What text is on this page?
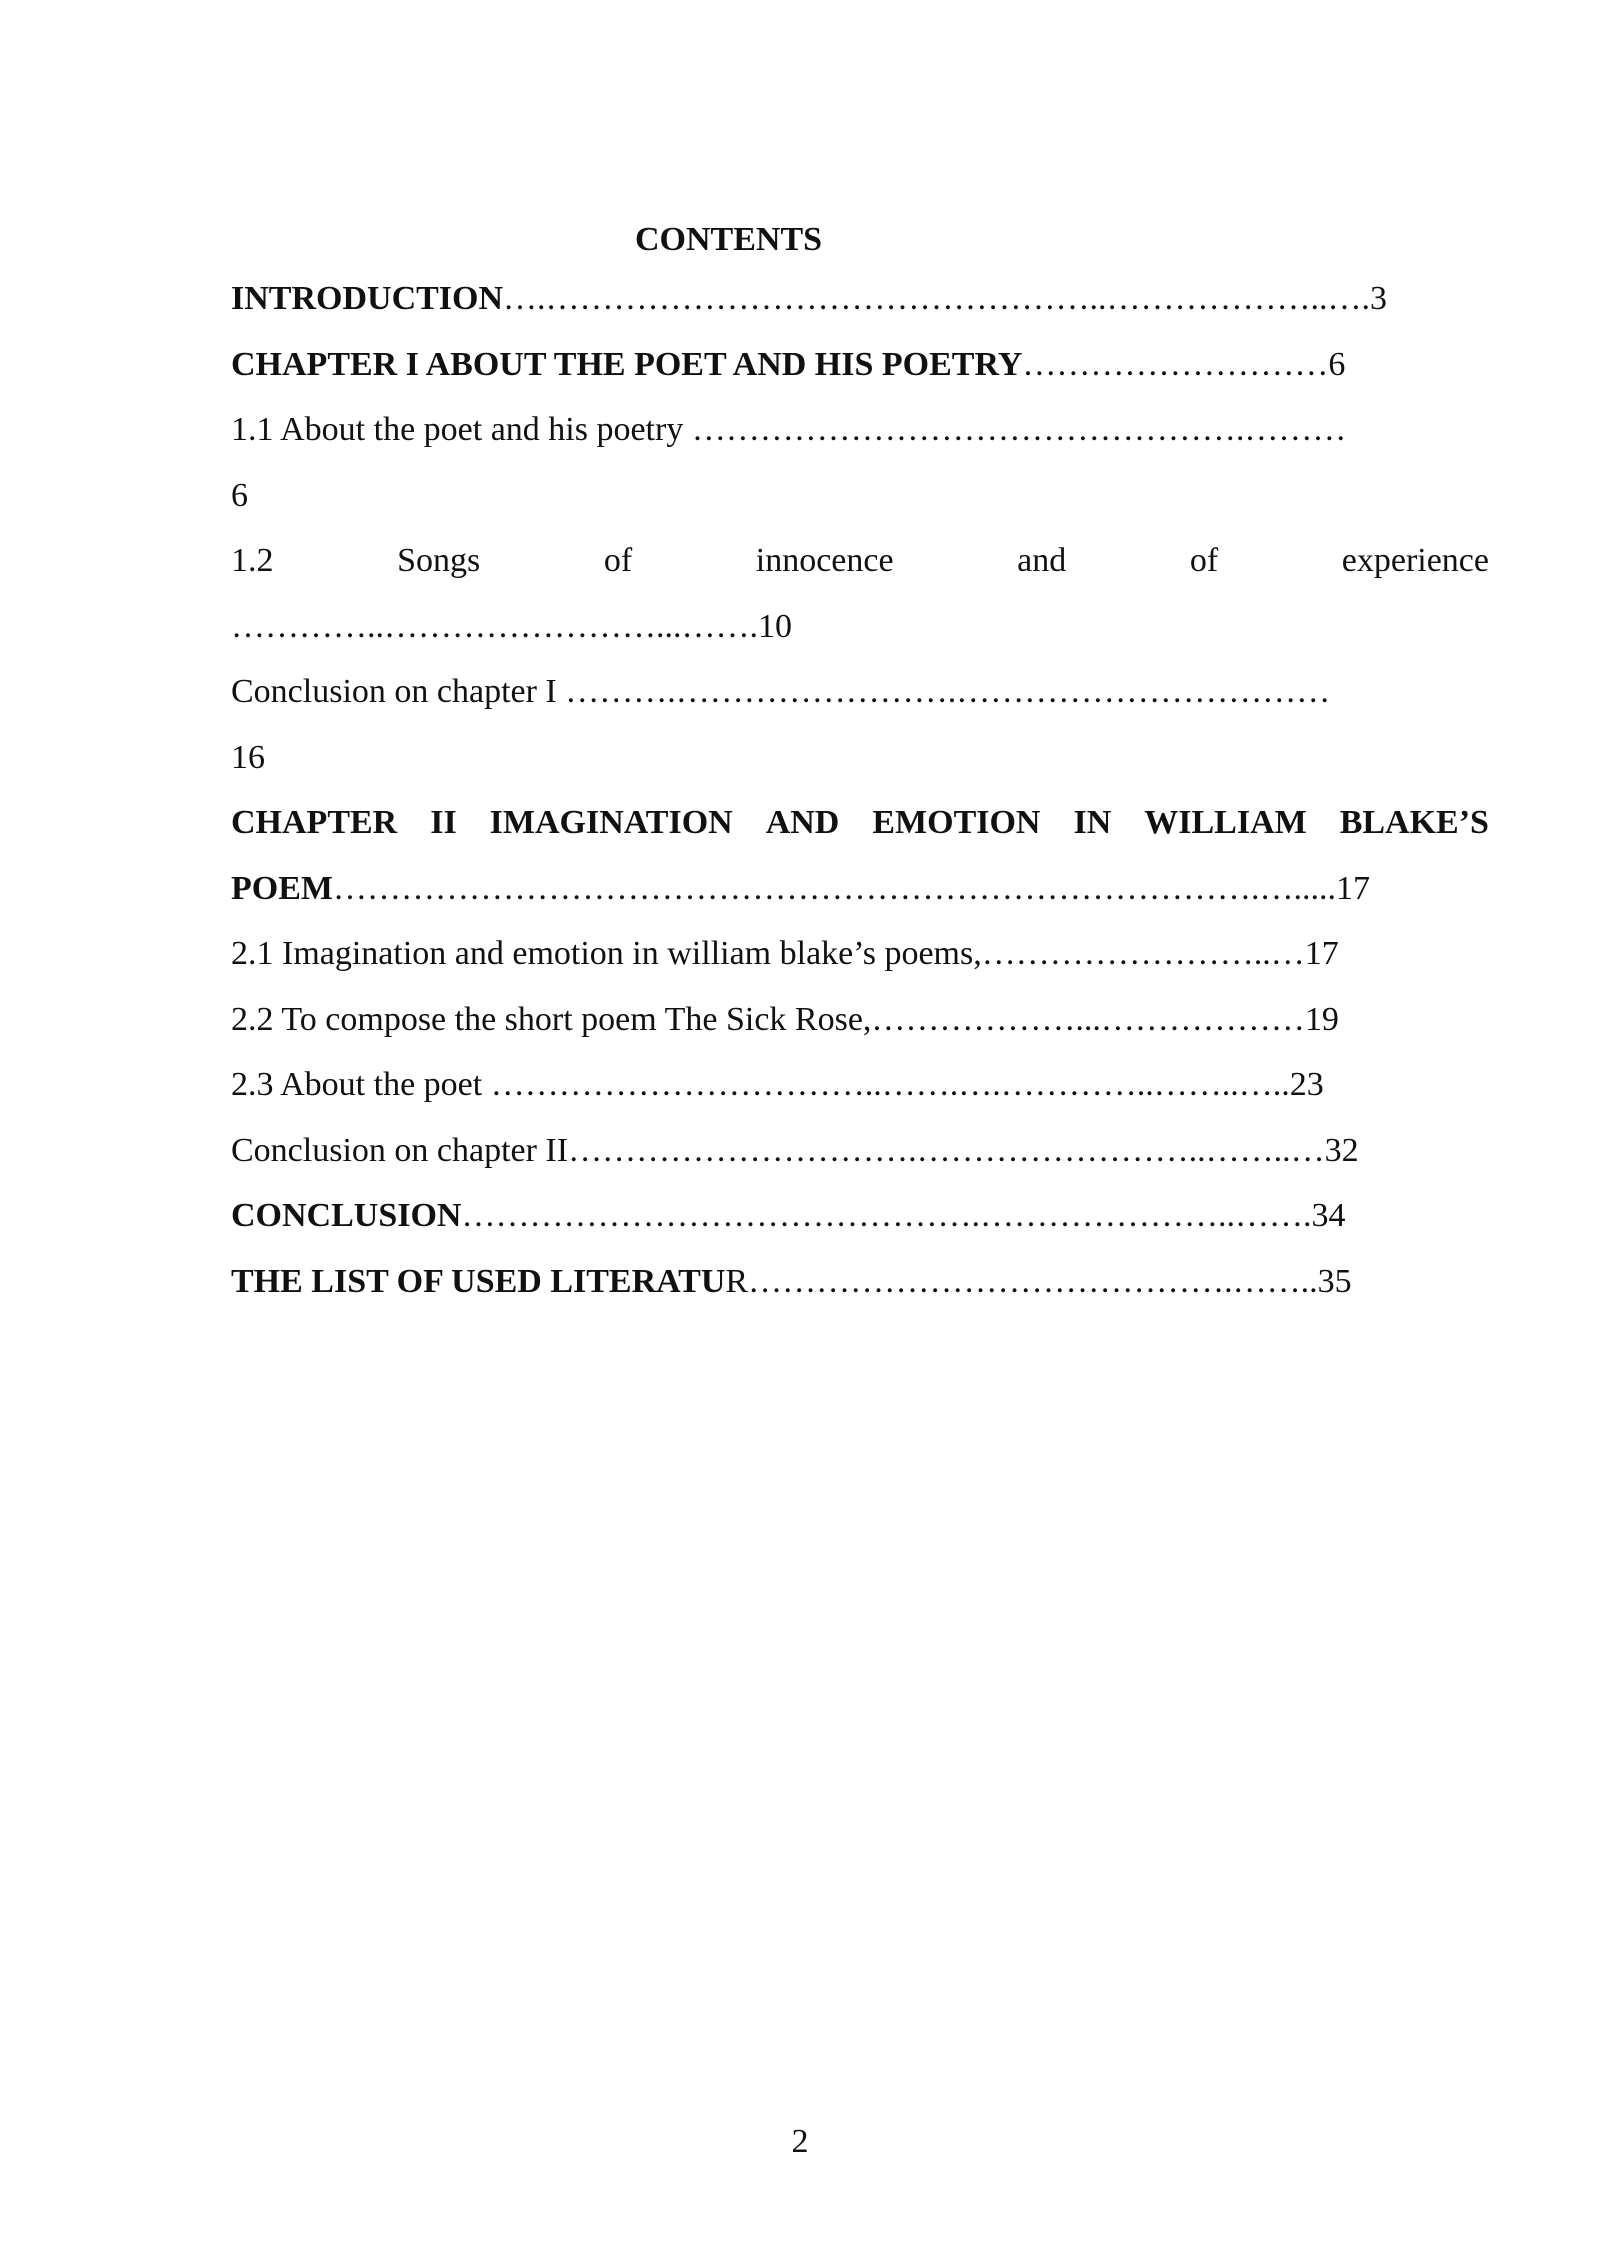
CONTENTS
INTRODUCTION….…………………………………………..………………..….3
CHAPTER I ABOUT THE POET AND HIS POETRY………………………6
1.1 About the poet and his poetry ………………………………………….………
6
1.2	Songs	of	innocence	and	of	experience
…………..……………………...…….10
Conclusion on chapter I ……….…………………….……………………………
16
CHAPTER II IMAGINATION AND EMOTION IN WILLIAM BLAKE’S
POEM……………………………………………………………………….….....17
2.1 Imagination and emotion in william blake’s poems,……………………..…17
2.2 To compose the short poem The Sick Rose,………………...………………19
2.3 About the poet ……………………………..…….….…………..……..…..23
Conclusion on chapter II………………………….……………………..……..…32
CONCLUSION……………………………………….…………………..…….34
THE LIST OF USED LITERATUR…………………………………….……..35
2
